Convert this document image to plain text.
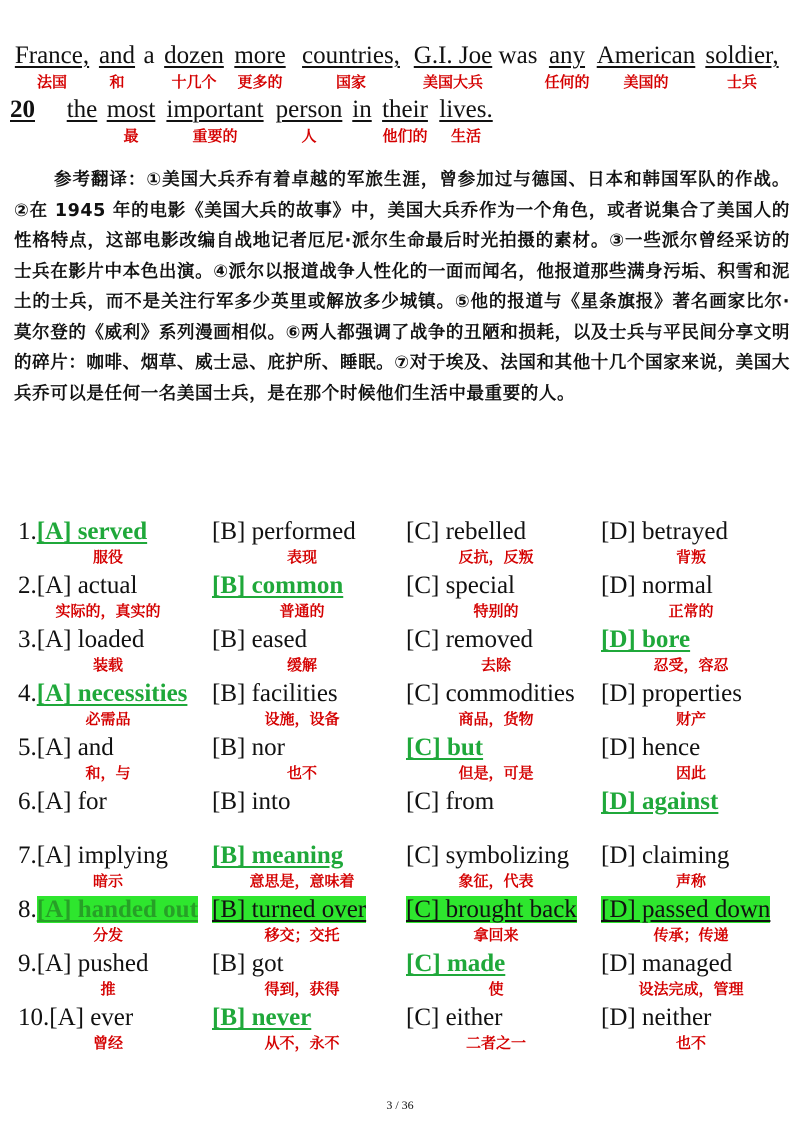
France,
法国
and
和
a dozen
十几个
more
更多的
countries,
国家
G.I. Joe
美国大兵
was any
任何的
American
美国的
soldier,
士兵
20 the most
最
important
重要的
person
人
in their
他们的
lives.
生活

参考翻译：①美国大兵乔有着卓越的军旅生涯，曾参加过与德国、日本和韩国军队的作战。②在 1945 年的电影《美国大兵的故事》中，美国大兵乔作为一个角色，或者说集合了美国人的性格特点，这部电影改编自战地记者厄尼·派尔生命最后时光拍摄的素材。③一些派尔曾经采访的士兵在影片中本色出演。④派尔以报道战争人性化的一面而闻名，他报道那些满身污垢、积雪和泥土的士兵，而不是关注行军多少英里或解放多少城镇。⑤他的报道与《星条旗报》著名画家比尔·莫尔登的《威利》系列漫画相似。⑥两人都强调了战争的丑陋和损耗，以及士兵与平民间分享文明的碎片：咖啡、烟草、威士忌、庇护所、睡眠。⑦对于埃及、法国和其他十几个国家来说，美国大兵乔可以是任何一名美国士兵，是在那个时候他们生活中最重要的人。

1.[A] served
服役
[B] performed
表现
[C] rebelled
反抗，反叛
[D] betrayed
背叛
2.[A] actual
实际的，真实的
[B] common
普通的
[C] special
特别的
[D] normal
正常的
3.[A] loaded
装载
[B] eased
缓解
[C] removed
去除
[D] bore
忍受，容忍
4.[A] necessities
必需品
[B] facilities
设施，设备
[C] commodities
商品，货物
[D] properties
财产
5.[A] and
和，与
[B] nor
也不
[C] but
但是，可是
[D] hence
因此
6.[A] for	[B] into	[C] from	[D] against
7.[A] implying
暗示
[B] meaning
意思是，意味着
[C] symbolizing
象征，代表
[D] claiming
声称
8.[A] handed out
分发
[B] turned over
移交；交托
[C] brought back
拿回来
[D] passed down
传承；传递
9.[A] pushed
推
[B] got
得到，获得
[C] made
使
[D] managed
设法完成，管理
10.[A] ever
曾经
[B] never
从不，永不
[C] either
二者之一
[D] neither
也不
3 / 36
